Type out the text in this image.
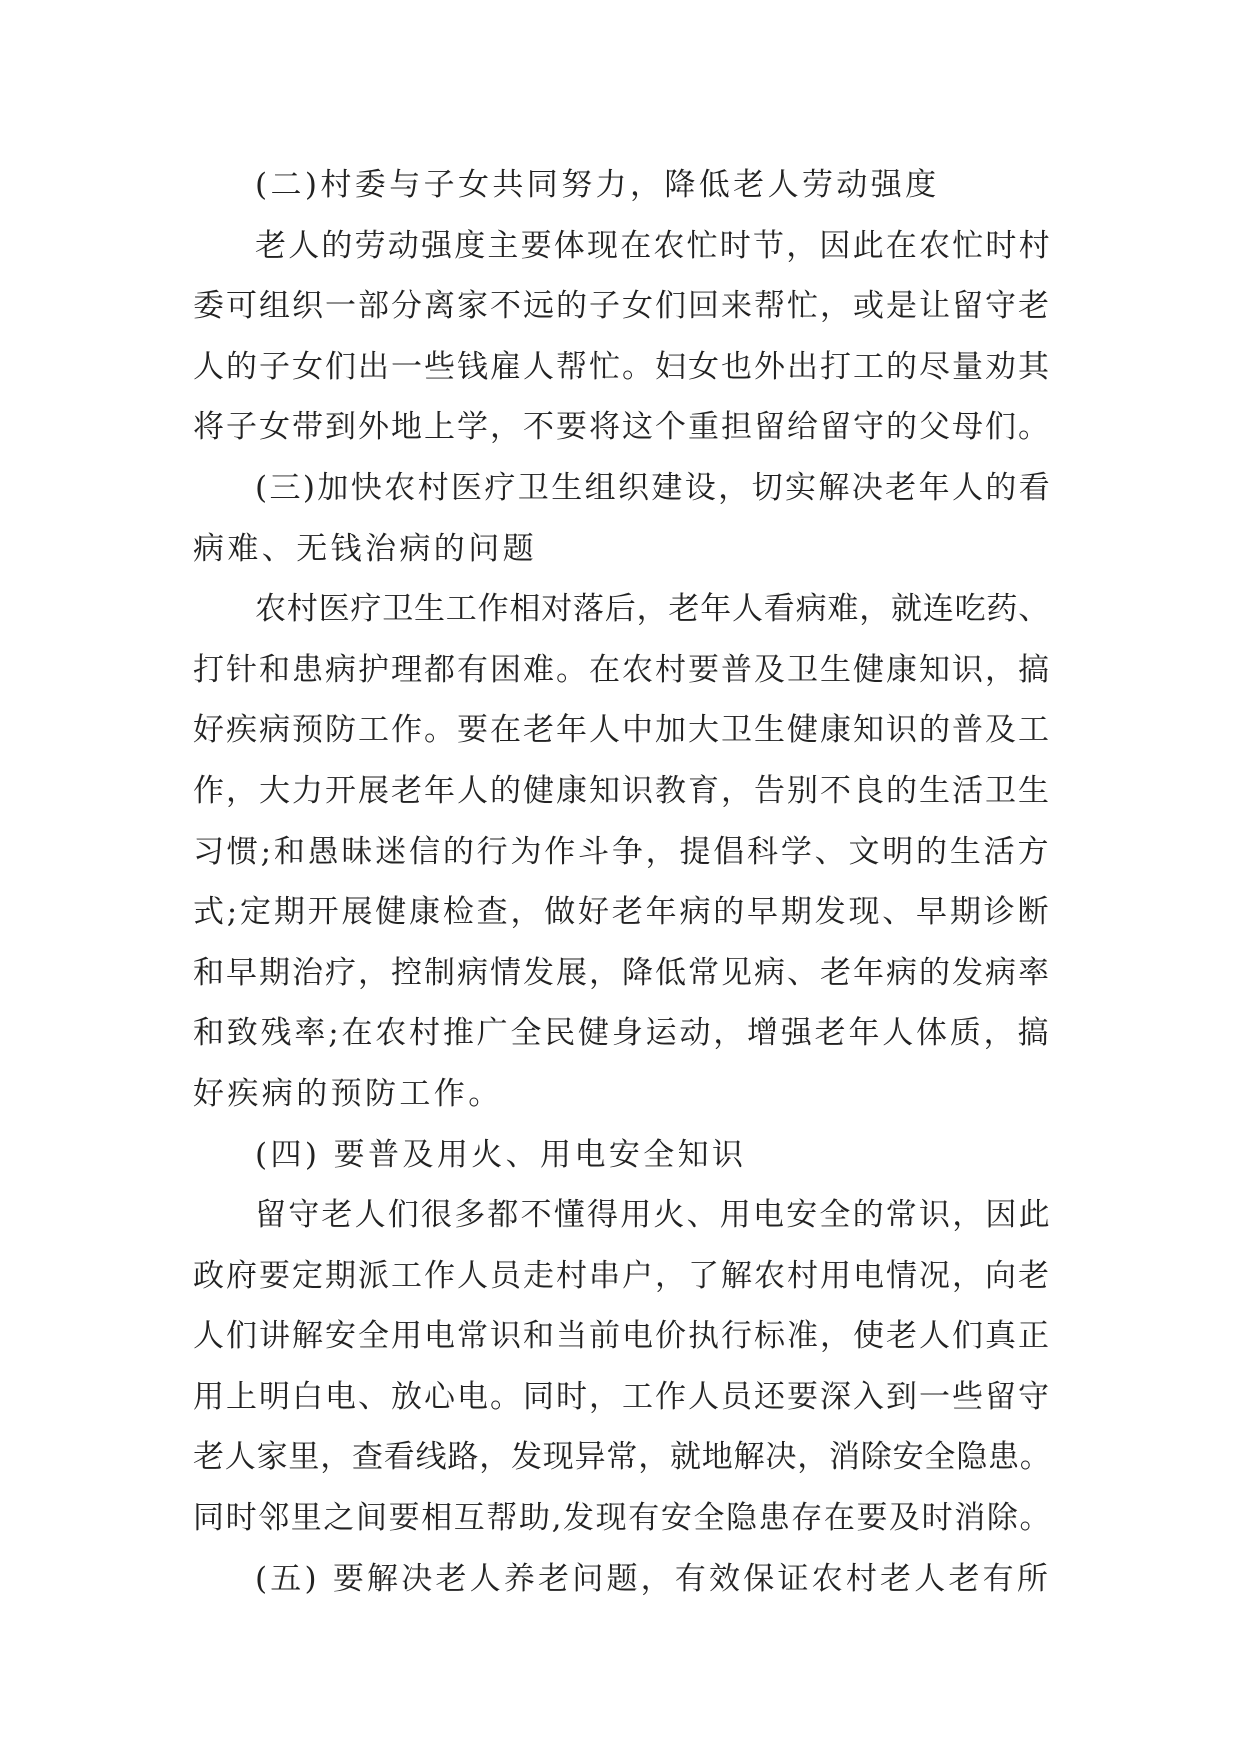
(二)村委与子女共同努力，降低老人劳动强度
老人的劳动强度主要体现在农忙时节，因此在农忙时村
委可组织一部分离家不远的子女们回来帮忙，或是让留守老
人的子女们出一些钱雇人帮忙。妇女也外出打工的尽量劝其
将子女带到外地上学，不要将这个重担留给留守的父母们。
(三)加快农村医疗卫生组织建设，切实解决老年人的看
病难、无钱治病的问题
农村医疗卫生工作相对落后，老年人看病难，就连吃药、
打针和患病护理都有困难。在农村要普及卫生健康知识，搞
好疾病预防工作。要在老年人中加大卫生健康知识的普及工
作，大力开展老年人的健康知识教育，告别不良的生活卫生
习惯;和愚昧迷信的行为作斗争，提倡科学、文明的生活方
式;定期开展健康检查，做好老年病的早期发现、早期诊断
和早期治疗，控制病情发展，降低常见病、老年病的发病率
和致残率;在农村推广全民健身运动，增强老年人体质，搞
好疾病的预防工作。
(四) 要普及用火、用电安全知识
留守老人们很多都不懂得用火、用电安全的常识，因此
政府要定期派工作人员走村串户，了解农村用电情况，向老
人们讲解安全用电常识和当前电价执行标准，使老人们真正
用上明白电、放心电。同时，工作人员还要深入到一些留守
老人家里，查看线路，发现异常，就地解决，消除安全隐患。
同时邻里之间要相互帮助,发现有安全隐患存在要及时消除。
(五) 要解决老人养老问题，有效保证农村老人老有所
